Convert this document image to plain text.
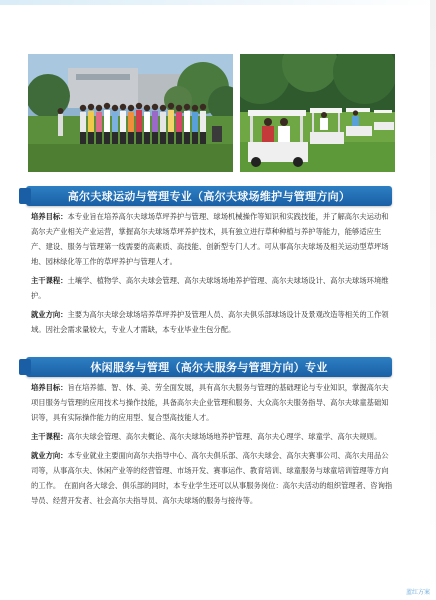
高尔夫球运动与管理专业（高尔夫球场维护与管理方向）

培养目标：本专业旨在培养高尔夫球场草坪养护与管理、球场机械操作等知识和实践技能，并了解高尔夫运动和高尔夫产业相关产业运营，掌握高尔夫球场草坪养护技术，具有独立进行草种种植与养护等能力，能够适应生产、建设、服务与管理第一线需要的高素质、高技能、创新型专门人才。可从事高尔夫球场及相关运动型草坪场地、园林绿化等工作的草坪养护与管理人才。

主干课程：土壤学、植物学、高尔夫球会管理、高尔夫球场场地养护管理、高尔夫球场设计、高尔夫球场环境维护。

就业方向：主要为高尔夫球会球场培养草坪养护及管理人员、高尔夫俱乐部球场设计及景观改造等相关的工作领域。因社会需求量较大，专业人才需缺，本专业毕业生包分配。

休闲服务与管理（高尔夫服务与管理方向）专业

培养目标：旨在培养德、智、体、美、劳全面发展，具有高尔夫服务与管理的基础理论与专业知识，掌握高尔夫项目服务与管理的应用技术与操作技能，具备高尔夫企业管理和服务、大众高尔夫服务指导、高尔夫球童基础知识等，具有实际操作能力的应用型、复合型高技能人才。

主干课程：高尔夫球会管理、高尔夫概论、高尔夫球场场地养护管理、高尔夫心理学、球童学、高尔夫规则。

就业方向：本专业就业主要面向高尔夫指导中心、高尔夫俱乐部、高尔夫球会、高尔夫赛事公司、高尔夫用品公司等，从事高尔夫、休闲产业等的经营管理、市场开发、赛事运作、教育培训、球童服务与球童培训管理等方向的工作。　在面向各大球会、俱乐部的同时，本专业学生还可以从事服务岗位：高尔夫活动的组织管理者、咨询指导员、经营开发者、社会高尔夫指导员、高尔夫球场的服务与接待等。

蓝红方案
